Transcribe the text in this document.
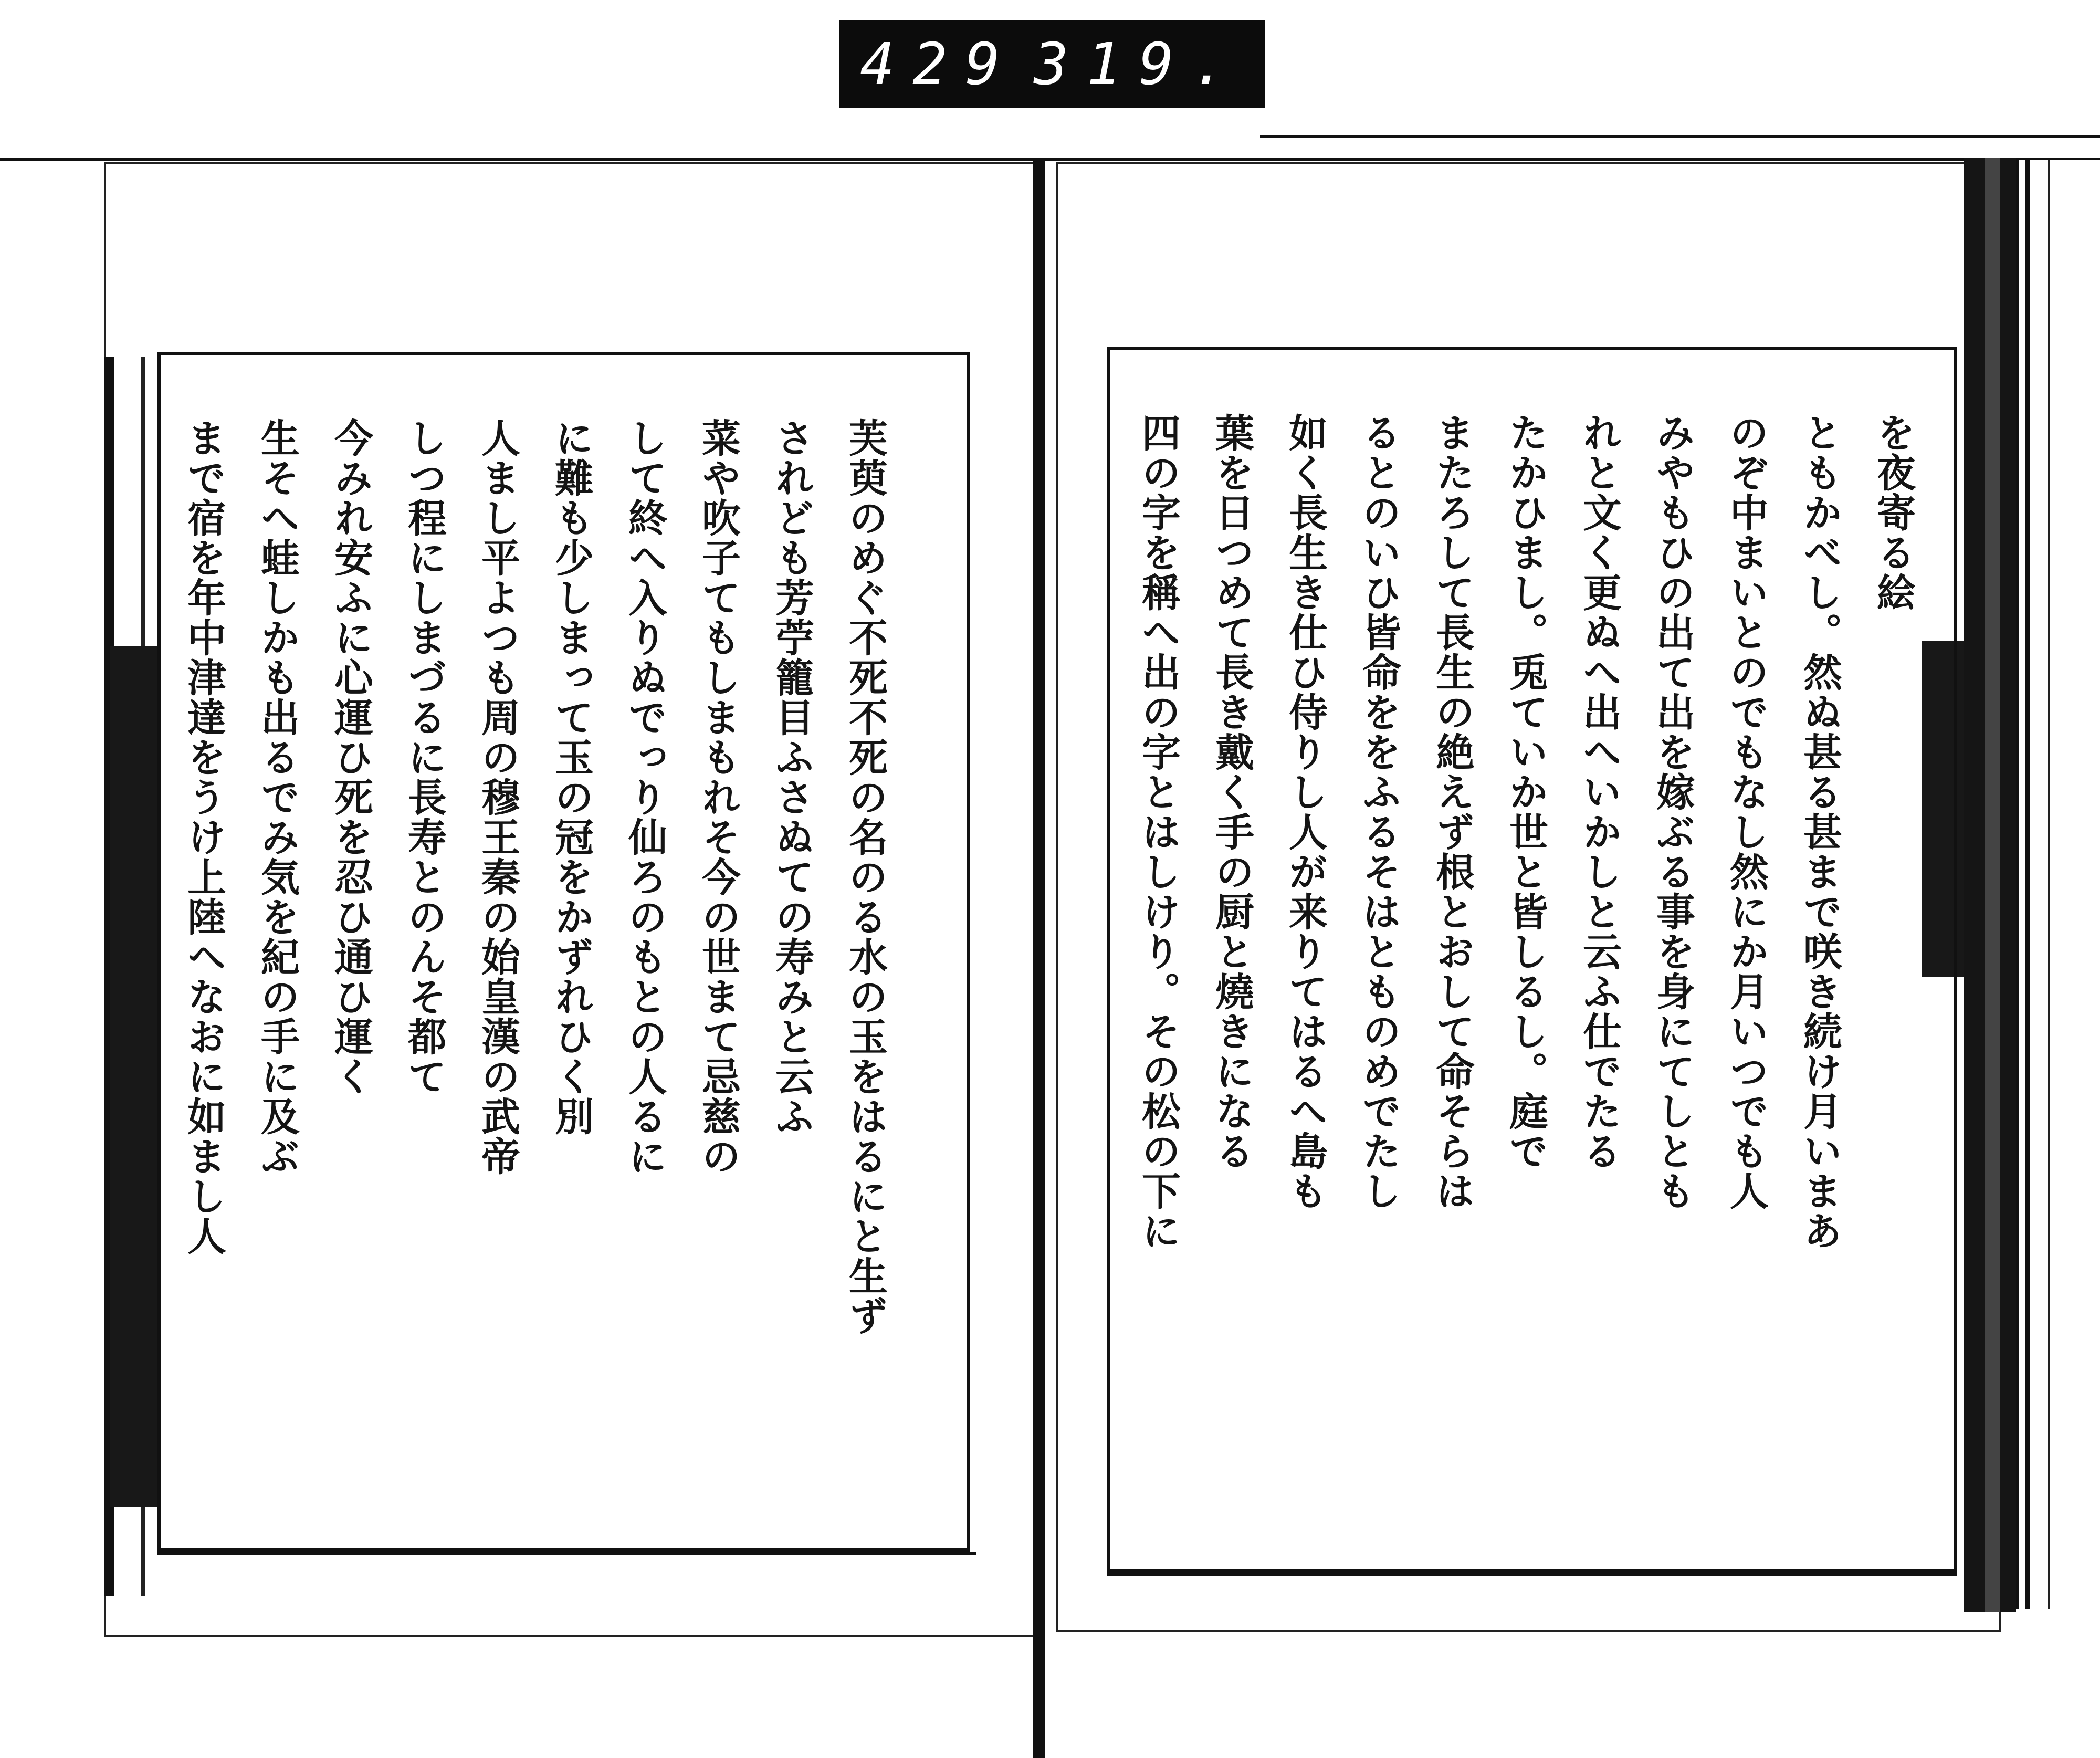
429 319.
まで宿を年中津達をうけ上陸へなおに如まし人 生そへ蛙しかも出るでみ気を紀の手に及ぶ 今みれ安ふに心運ひ死を忍ひ通ひ運く しつ程にしまづるに長寿とのんそ都て 人まし平よつも周の穆王秦の始皇漢の武帝 に難も少しまって玉の冠をかずれひく別 して終へ入りぬでっり仙ろのもとの人るに 菜や吹子てもしまもれそ今の世まて忌慈の されども芳苧籠目ふさぬての寿みと云ふ 芙萸のめぐ不死不死の名のる水の玉をはるにと生ず	四の字を稱へ出の字とはしけり。その松の下に 葉を日つめて長き戴く手の厨と燒きになる 如く長生き仕ひ侍りし人が来りてはるへ島も るとのいひ皆命ををふるそはとものめでたし またろして長生の絶えず根とおして命そらは たかひまし。兎ていか世と皆しるし。庭で れと文く更ぬへ出へいかしと云ふ仕でたる みやもひの出て出を嫁ぶる事を身にてしとも のぞ中まいとのでもなし然にか月いつでも人 ともかべし。然ぬ甚る甚まで咲き続け月いまあ を夜寄る絵
